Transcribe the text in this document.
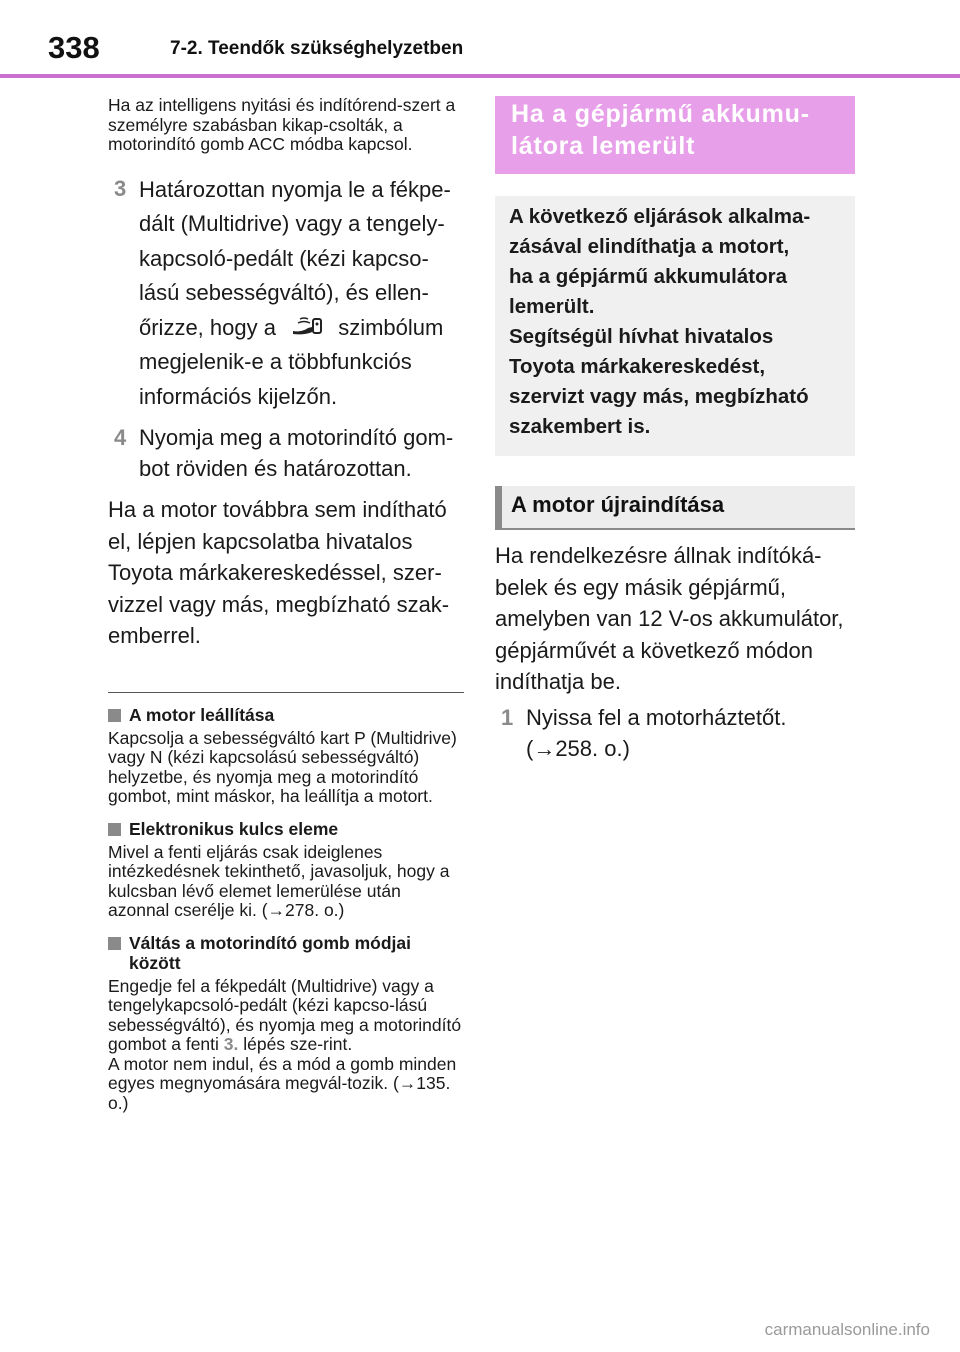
338	7-2. Teendők szükséghelyzetben

Ha az intelligens nyitási és indítórend-szert a személyre szabásban kikap-csolták, a motorindító gomb ACC módba kapcsol.

3 Határozottan nyomja le a fékpe-dált (Multidrive) vagy a tengely-kapcsoló-pedált (kézi kapcso-lású sebességváltó), és ellen-őrizze, hogy a	szimbólum megjelenik-e a többfunkciós információs kijelzőn.

4 Nyomja meg a motorindító gom-bot röviden és határozottan.

Ha a motor továbbra sem indítható el, lépjen kapcsolatba hivatalos Toyota márkakereskedéssel, szer-vizzel vagy más, megbízható szak-emberrel.

A motor leállítása

Kapcsolja a sebességváltó kart P (Multidrive) vagy N (kézi kapcsolású sebességváltó) helyzetbe, és nyomja meg a motorindító gombot, mint máskor, ha leállítja a motort.

Elektronikus kulcs eleme

Mivel a fenti eljárás csak ideiglenes intézkedésnek tekinthető, javasoljuk, hogy a kulcsban lévő elemet lemerülése után azonnal cserélje ki. (→278. o.)

Váltás a motorindító gomb módjai között

Engedje fel a fékpedált (Multidrive) vagy a tengelykapcsoló-pedált (kézi kapcso-lású sebességváltó), és nyomja meg a motorindító gombot a fenti 3. lépés sze-rint.
A motor nem indul, és a mód a gomb minden egyes megnyomására megvál-tozik. (→135. o.)

Ha a gépjármű akkumu-
látora lemerült

A következő eljárások alkalma-

zásával elindíthatja a motort,

ha a gépjármű akkumulátora

lemerült.

Segítségül hívhat hivatalos

Toyota márkakereskedést,

szervizt vagy más, megbízható

szakembert is.

A motor újraindítása

Ha rendelkezésre állnak indítóká-belek és egy másik gépjármű, amelyben van 12 V-os akkumulátor, gépjárművét a következő módon indíthatja be.

1 Nyissa fel a motorháztetőt. (→258. o.)

carmanualsonline.info
